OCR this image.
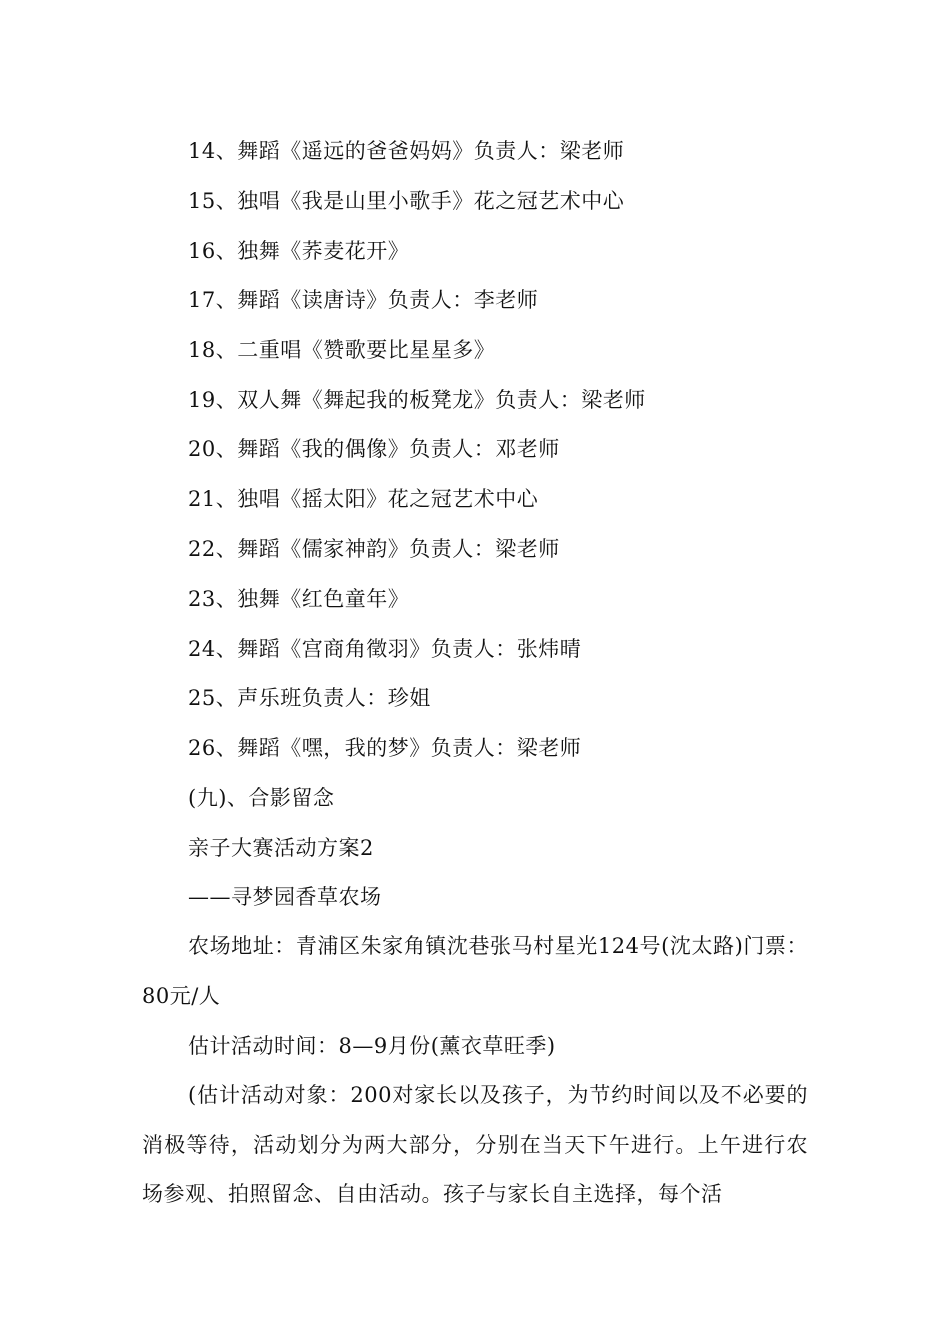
14、舞蹈《遥远的爸爸妈妈》负责人：梁老师
15、独唱《我是山里小歌手》花之冠艺术中心
16、独舞《荞麦花开》
17、舞蹈《读唐诗》负责人：李老师
18、二重唱《赞歌要比星星多》
19、双人舞《舞起我的板凳龙》负责人：梁老师
20、舞蹈《我的偶像》负责人：邓老师
21、独唱《摇太阳》花之冠艺术中心
22、舞蹈《儒家神韵》负责人：梁老师
23、独舞《红色童年》
24、舞蹈《宫商角徵羽》负责人：张炜晴
25、声乐班负责人：珍姐
26、舞蹈《嘿，我的梦》负责人：梁老师
(九)、合影留念
亲子大赛活动方案2
——寻梦园香草农场
农场地址：青浦区朱家角镇沈巷张马村星光124号(沈太路)门票：80元/人
估计活动时间：8—9月份(薰衣草旺季)
(估计活动对象：200对家长以及孩子，为节约时间以及不必要的消极等待，活动划分为两大部分，分别在当天下午进行。上午进行农场参观、拍照留念、自由活动。孩子与家长自主选择，每个活
